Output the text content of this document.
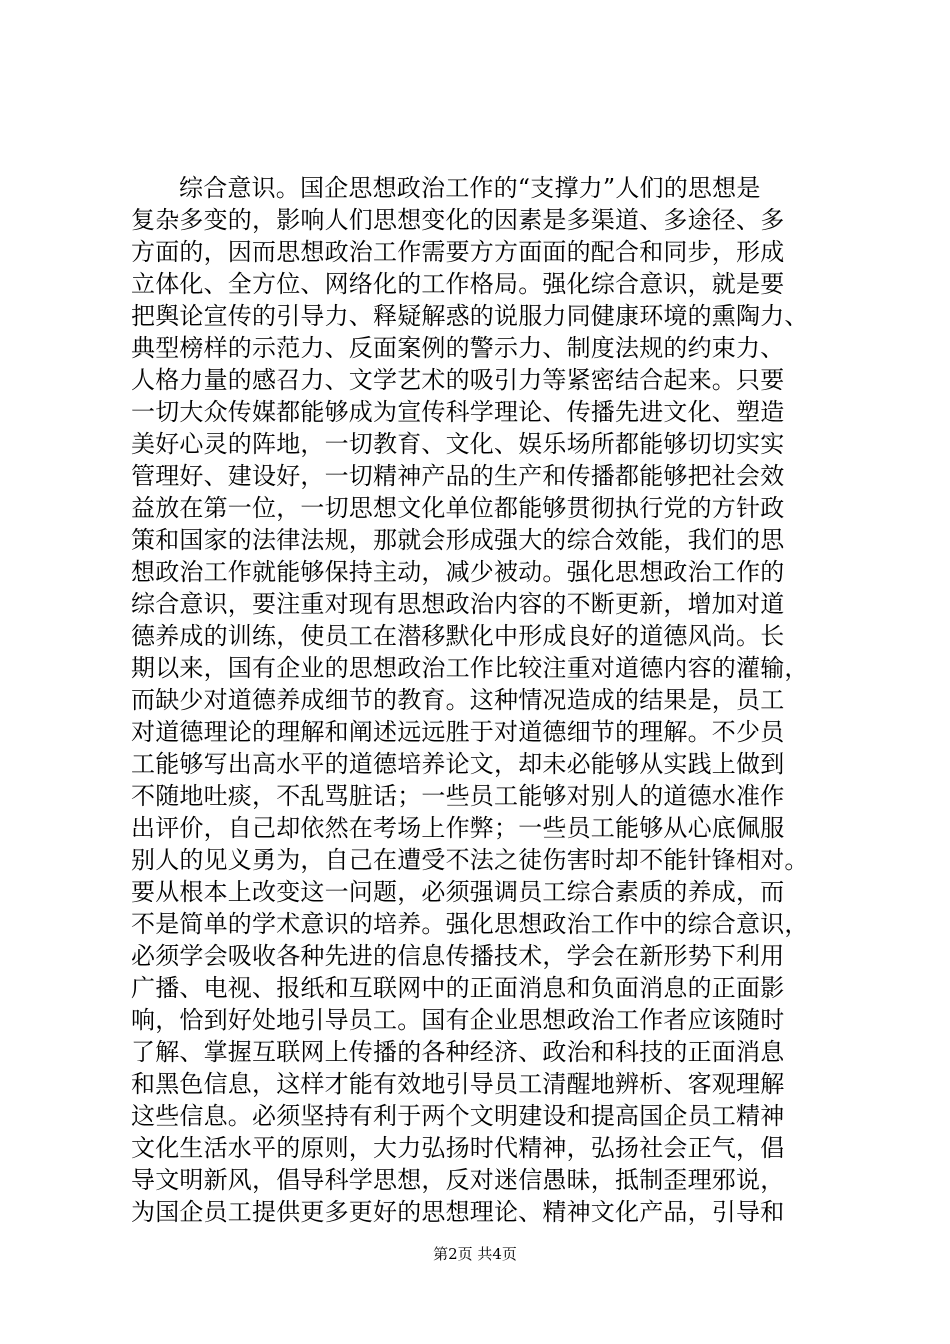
综合意识。国企思想政治工作的“支撑力”人们的思想是
复杂多变的，影响人们思想变化的因素是多渠道、多途径、多
方面的，因而思想政治工作需要方方面面的配合和同步，形成
立体化、全方位、网络化的工作格局。强化综合意识，就是要
把舆论宣传的引导力、释疑解惑的说服力同健康环境的熏陶力、
典型榜样的示范力、反面案例的警示力、制度法规的约束力、
人格力量的感召力、文学艺术的吸引力等紧密结合起来。只要
一切大众传媒都能够成为宣传科学理论、传播先进文化、塑造
美好心灵的阵地，一切教育、文化、娱乐场所都能够切切实实
管理好、建设好，一切精神产品的生产和传播都能够把社会效
益放在第一位，一切思想文化单位都能够贯彻执行党的方针政
策和国家的法律法规，那就会形成强大的综合效能，我们的思
想政治工作就能够保持主动，减少被动。强化思想政治工作的
综合意识，要注重对现有思想政治内容的不断更新，增加对道
德养成的训练，使员工在潜移默化中形成良好的道德风尚。长
期以来，国有企业的思想政治工作比较注重对道德内容的灌输，
而缺少对道德养成细节的教育。这种情况造成的结果是，员工
对道德理论的理解和阐述远远胜于对道德细节的理解。不少员
工能够写出高水平的道德培养论文，却未必能够从实践上做到
不随地吐痰，不乱骂脏话；一些员工能够对别人的道德水准作
出评价，自己却依然在考场上作弊；一些员工能够从心底佩服
别人的见义勇为，自己在遭受不法之徒伤害时却不能针锋相对。
要从根本上改变这一问题，必须强调员工综合素质的养成，而
不是简单的学术意识的培养。强化思想政治工作中的综合意识，
必须学会吸收各种先进的信息传播技术，学会在新形势下利用
广播、电视、报纸和互联网中的正面消息和负面消息的正面影
响，恰到好处地引导员工。国有企业思想政治工作者应该随时
了解、掌握互联网上传播的各种经济、政治和科技的正面消息
和黑色信息，这样才能有效地引导员工清醒地辨析、客观理解
这些信息。必须坚持有利于两个文明建设和提高国企员工精神
文化生活水平的原则，大力弘扬时代精神，弘扬社会正气，倡
导文明新风，倡导科学思想，反对迷信愚昧，抵制歪理邪说，
为国企员工提供更多更好的思想理论、精神文化产品，引导和
第2页 共4页
